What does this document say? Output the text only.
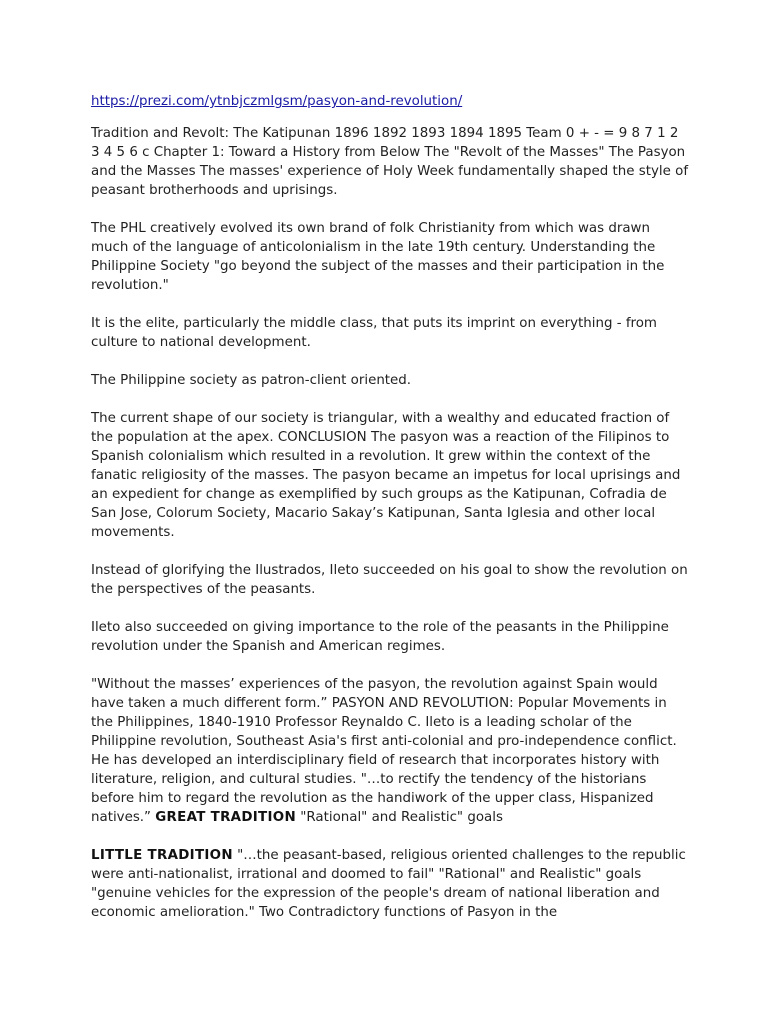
https://prezi.com/ytnbjczmlgsm/pasyon-and-revolution/

Tradition and Revolt: The Katipunan 1896 1892 1893 1894 1895 Team 0 + - = 9 8 7 1 2 3 4 5 6 c Chapter 1: Toward a History from Below The "Revolt of the Masses" The Pasyon and the Masses The masses' experience of Holy Week fundamentally shaped the style of peasant brotherhoods and uprisings.

The PHL creatively evolved its own brand of folk Christianity from which was drawn much of the language of anticolonialism in the late 19th century. Understanding the Philippine Society "go beyond the subject of the masses and their participation in the revolution."

It is the elite, particularly the middle class, that puts its imprint on everything - from culture to national development.

The Philippine society as patron-client oriented.

The current shape of our society is triangular, with a wealthy and educated fraction of the population at the apex. CONCLUSION The pasyon was a reaction of the Filipinos to Spanish colonialism which resulted in a revolution. It grew within the context of the fanatic religiosity of the masses. The pasyon became an impetus for local uprisings and an expedient for change as exemplified by such groups as the Katipunan, Cofradia de San Jose, Colorum Society, Macario Sakay’s Katipunan, Santa Iglesia and other local movements.

Instead of glorifying the Ilustrados, Ileto succeeded on his goal to show the revolution on the perspectives of the peasants.

Ileto also succeeded on giving importance to the role of the peasants in the Philippine revolution under the Spanish and American regimes.

"Without the masses’ experiences of the pasyon, the revolution against Spain would have taken a much different form.” PASYON AND REVOLUTION: Popular Movements in the Philippines, 1840-1910 Professor Reynaldo C. Ileto is a leading scholar of the Philippine revolution, Southeast Asia's first anti-colonial and pro-independence conflict. He has developed an interdisciplinary field of research that incorporates history with literature, religion, and cultural studies. "…to rectify the tendency of the historians before him to regard the revolution as the handiwork of the upper class, Hispanized natives.” GREAT TRADITION "Rational" and Realistic" goals

LITTLE TRADITION "…the peasant-based, religious oriented challenges to the republic were anti-nationalist, irrational and doomed to fail" "Rational" and Realistic" goals "genuine vehicles for the expression of the people's dream of national liberation and economic amelioration." Two Contradictory functions of Pasyon in the
